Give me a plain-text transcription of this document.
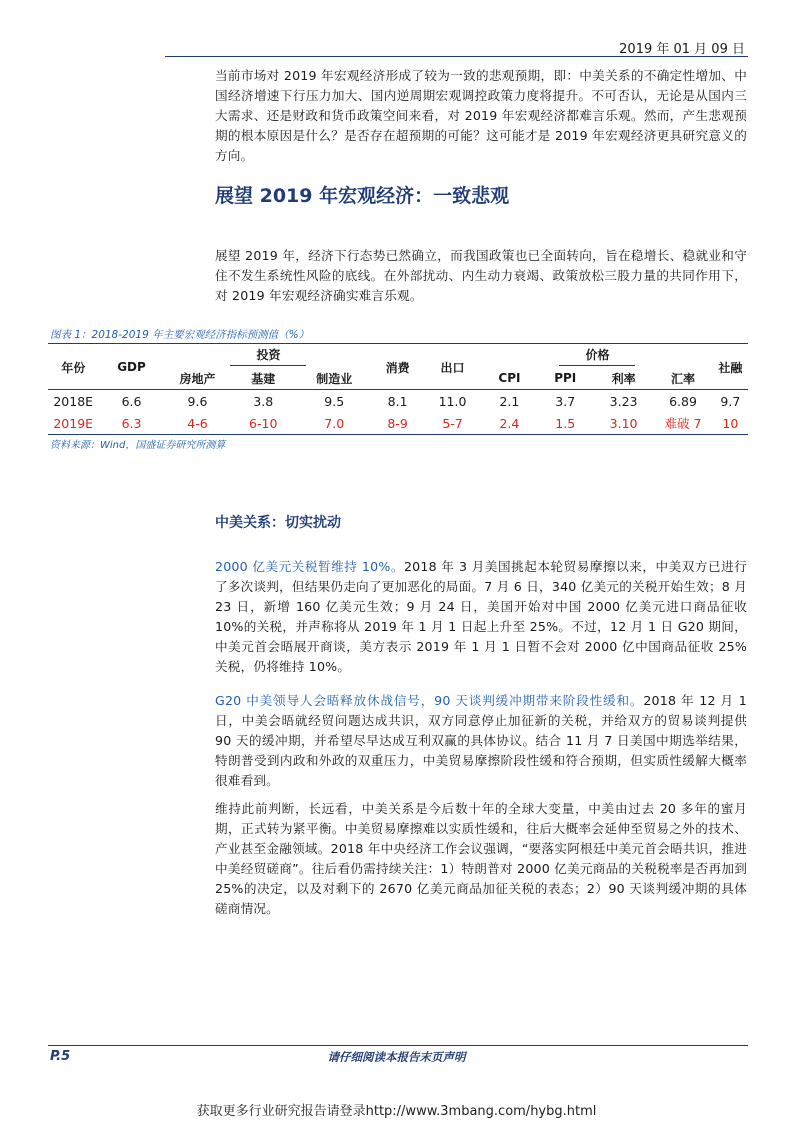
2019 年 01 月 09 日

当前市场对 2019 年宏观经济形成了较为一致的悲观预期，即：中美关系的不确定性增加、中国经济增速下行压力加大、国内逆周期宏观调控政策力度将提升。不可否认，无论是从国内三大需求、还是财政和货币政策空间来看，对 2019 年宏观经济都难言乐观。然而，产生悲观预期的根本原因是什么？是否存在超预期的可能？这可能才是 2019 年宏观经济更具研究意义的方向。

展望 2019 年宏观经济：一致悲观

展望 2019 年，经济下行态势已然确立，而我国政策也已全面转向，旨在稳增长、稳就业和守住不发生系统性风险的底线。在外部扰动、内生动力衰竭、政策放松三股力量的共同作用下，对 2019 年宏观经济确实难言乐观。

图表 1：2018-2019 年主要宏观经济指标预测值（%）
年份	GDP	投资			消费	出口	价格				社融
		房地产	基建	制造业			CPI	PPI	利率	汇率	
2018E	6.6	9.6	3.8	9.5	8.1	11.0	2.1	3.7	3.23	6.89	9.7
2019E	6.3	4-6	6-10	7.0	8-9	5-7	2.4	1.5	3.10	难破 7	10
资料来源：Wind，国盛证券研究所测算
中美关系：切实扰动

2000 亿美元关税暂维持 10%。2018 年 3 月美国挑起本轮贸易摩擦以来，中美双方已进行了多次谈判，但结果仍走向了更加恶化的局面。7 月 6 日，340 亿美元的关税开始生效；8 月 23 日，新增 160 亿美元生效；9 月 24 日，美国开始对中国 2000 亿美元进口商品征收 10%的关税，并声称将从 2019 年 1 月 1 日起上升至 25%。不过，12 月 1 日 G20 期间，中美元首会晤展开商谈，美方表示 2019 年 1 月 1 日暂不会对 2000 亿中国商品征收 25%关税，仍将维持 10%。

G20 中美领导人会晤释放休战信号，90 天谈判缓冲期带来阶段性缓和。2018 年 12 月 1 日，中美会晤就经贸问题达成共识，双方同意停止加征新的关税，并给双方的贸易谈判提供 90 天的缓冲期，并希望尽早达成互利双赢的具体协议。结合 11 月 7 日美国中期选举结果，特朗普受到内政和外政的双重压力，中美贸易摩擦阶段性缓和符合预期，但实质性缓解大概率很难看到。

维持此前判断，长远看，中美关系是今后数十年的全球大变量，中美由过去 20 多年的蜜月期，正式转为紧平衡。中美贸易摩擦难以实质性缓和，往后大概率会延伸至贸易之外的技术、产业甚至金融领域。2018 年中央经济工作会议强调，“要落实阿根廷中美元首会晤共识，推进中美经贸磋商”。往后看仍需持续关注：1）特朗普对 2000 亿美元商品的关税税率是否再加到 25%的决定，以及对剩下的 2670 亿美元商品加征关税的表态；2）90 天谈判缓冲期的具体磋商情况。

P.5	请仔细阅读本报告末页声明
获取更多行业研究报告请登录http://www.3mbang.com/hybg.html
